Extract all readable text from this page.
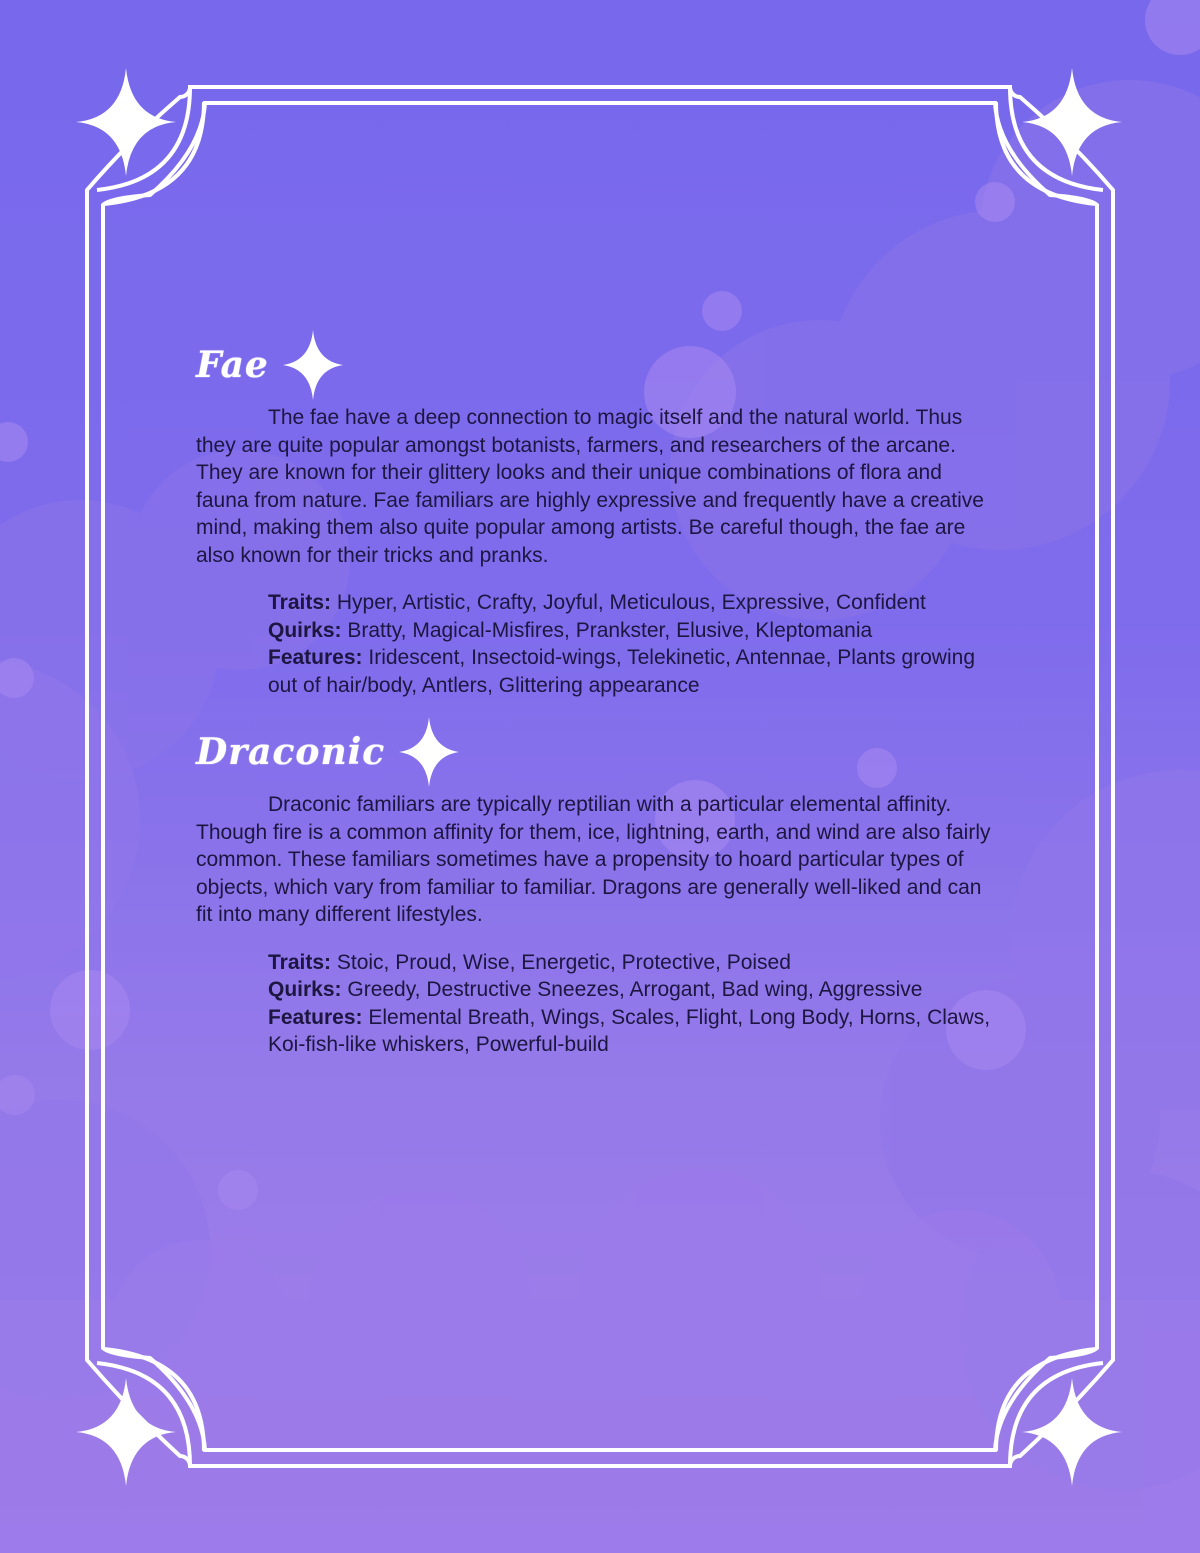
Fae

The fae have a deep connection to magic itself and the natural world. Thus they are quite popular amongst botanists, farmers, and researchers of the arcane. They are known for their glittery looks and their unique combinations of flora and fauna from nature. Fae familiars are highly expressive and frequently have a creative mind, making them also quite popular among artists. Be careful though, the fae are also known for their tricks and pranks.

Traits: Hyper, Artistic, Crafty, Joyful, Meticulous, Expressive, Confident
Quirks: Bratty, Magical-Misfires, Prankster, Elusive, Kleptomania
Features: Iridescent, Insectoid-wings, Telekinetic, Antennae, Plants growing out of hair/body, Antlers, Glittering appearance
Draconic

Draconic familiars are typically reptilian with a particular elemental affinity. Though fire is a common affinity for them, ice, lightning, earth, and wind are also fairly common. These familiars sometimes have a propensity to hoard particular types of objects, which vary from familiar to familiar. Dragons are generally well-liked and can fit into many different lifestyles.

Traits: Stoic, Proud, Wise, Energetic, Protective, Poised
Quirks: Greedy, Destructive Sneezes, Arrogant, Bad wing, Aggressive
Features: Elemental Breath, Wings, Scales, Flight, Long Body, Horns, Claws, Koi-fish-like whiskers, Powerful-build
